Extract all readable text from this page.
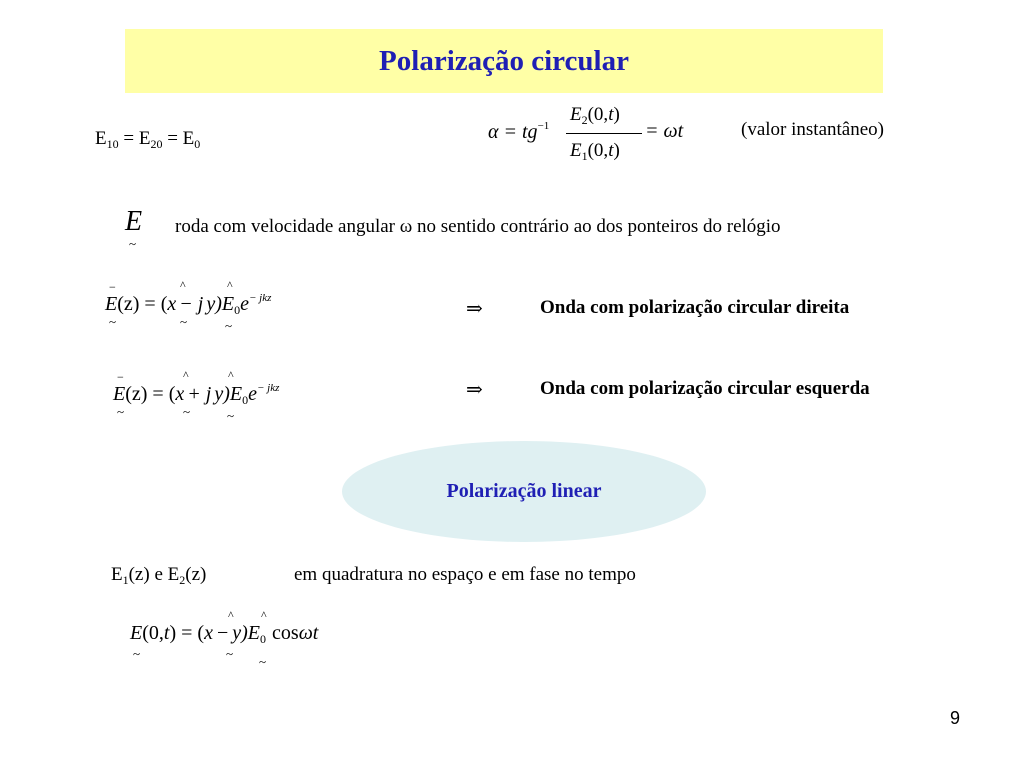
Polarização circular
$E_{10} = E_{20} = E_0$
$\alpha = tg^{-1}$
$E_2(0,t)$
$E_1(0,t)$
= ωt	(valor instantâneo)
E
~
roda com velocidade angular ω no sentido contrário ao dos ponteiros do relógio
−	^	^
E(z) = (x − j $y)E_0e^{- jkz}$
~	~	~
⇒	Onda com polarização circular direita
−	^	^
E(z) = (x + j $y)E_0e^{- jkz}$
~	~	~
⇒	Onda com polarização circular esquerda
Polarização linear
$E_1(z)$ e $E_2(z)$	em quadratura no espaço e em fase no tempo
^ ^
$E(0,t) = (x - y)E_0$ cosωt
~	~
~
9
